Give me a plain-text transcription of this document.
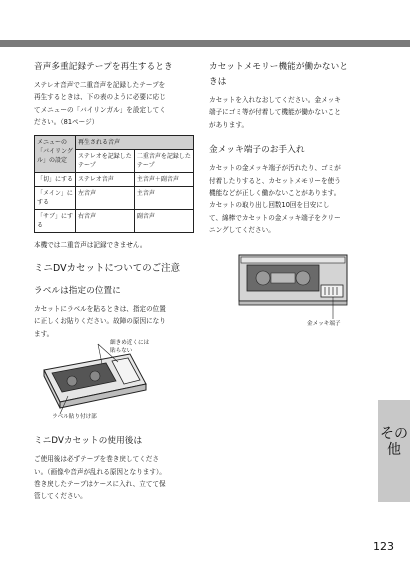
音声多重記録テープを再生するとき

ステレオ音声で二重音声を記録したテープを

再生するときは、下の表のように必要に応じ

てメニューの「バイリンガル」を設定してく

ださい。（81ページ）

メニューの
「バイリング
ル」の設定	再生される音声	
	ステレオを記録したテープ	二重音声を記録したテープ
「切」にする	ステレオ音声	主音声＋副音声
「メイン」にする	左音声	主音声
「サブ」にする	右音声	副音声

本機では二重音声は記録できません。

ミニDVカセットについてのご注意
ラベルは指定の位置に

カセットにラベルを貼るときは、指定の位置

に正しくお貼りください。故障の原因になり

ます。

細きめ近くには
貼らない
ラベル貼り付け部
ミニDVカセットの使用後は

ご使用後は必ずテープを巻き戻してくださ

い。（画像や音声が乱れる原因となります）。

巻き戻したテープはケースに入れ、立てて保

管してください。

カセットメモリー機能が働かないと
きは

カセットを入れなおしてください。金メッキ

端子にゴミ等が付着して機能が働かないこと

があります。

金メッキ端子のお手入れ

カセットの金メッキ端子が汚れたり、ゴミが

付着したりすると、カセットメモリーを使う

機能などが正しく働かないことがあります。

カセットの取り出し回数10回を目安にし

て、綿棒でカセットの金メッキ端子をクリー

ニングしてください。

金メッキ端子
その他
123
